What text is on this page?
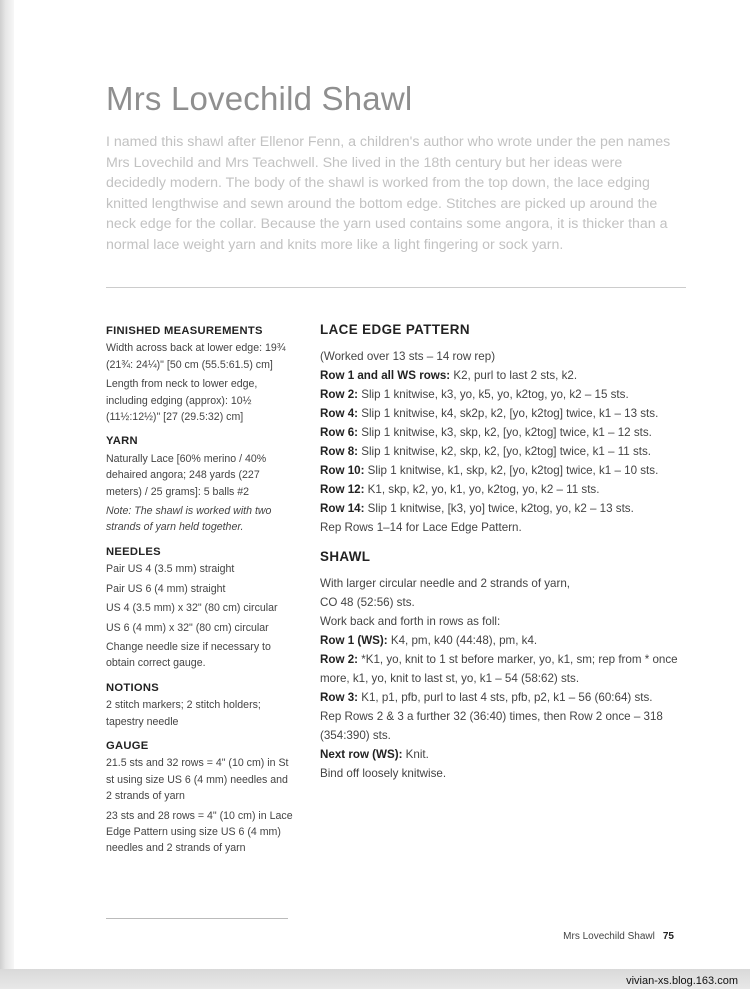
Mrs Lovechild Shawl

I named this shawl after Ellenor Fenn, a children's author who wrote under the pen names Mrs Lovechild and Mrs Teachwell. She lived in the 18th century but her ideas were decidedly modern. The body of the shawl is worked from the top down, the lace edging knitted lengthwise and sewn around the bottom edge. Stitches are picked up around the neck edge for the collar. Because the yarn used contains some angora, it is thicker than a normal lace weight yarn and knits more like a light fingering or sock yarn.

FINISHED MEASUREMENTS

Width across back at lower edge: 19¾ (21¾: 24¼)" [50 cm (55.5:61.5) cm]

Length from neck to lower edge, including edging (approx): 10½ (11½:12½)" [27 (29.5:32) cm]

YARN

Naturally Lace [60% merino / 40% dehaired angora; 248 yards (227 meters) / 25 grams]: 5 balls #2

Note: The shawl is worked with two strands of yarn held together.

NEEDLES

Pair US 4 (3.5 mm) straight

Pair US 6 (4 mm) straight

US 4 (3.5 mm) x 32" (80 cm) circular

US 6 (4 mm) x 32" (80 cm) circular

Change needle size if necessary to obtain correct gauge.

NOTIONS

2 stitch markers; 2 stitch holders; tapestry needle

GAUGE

21.5 sts and 32 rows = 4" (10 cm) in St st using size US 6 (4 mm) needles and 2 strands of yarn

23 sts and 28 rows = 4" (10 cm) in Lace Edge Pattern using size US 6 (4 mm) needles and 2 strands of yarn

LACE EDGE PATTERN

(Worked over 13 sts – 14 row rep)

Row 1 and all WS rows: K2, purl to last 2 sts, k2.

Row 2: Slip 1 knitwise, k3, yo, k5, yo, k2tog, yo, k2 – 15 sts.

Row 4: Slip 1 knitwise, k4, sk2p, k2, [yo, k2tog] twice, k1 – 13 sts.

Row 6: Slip 1 knitwise, k3, skp, k2, [yo, k2tog] twice, k1 – 12 sts.

Row 8: Slip 1 knitwise, k2, skp, k2, [yo, k2tog] twice, k1 – 11 sts.

Row 10: Slip 1 knitwise, k1, skp, k2, [yo, k2tog] twice, k1 – 10 sts.

Row 12: K1, skp, k2, yo, k1, yo, k2tog, yo, k2 – 11 sts.

Row 14: Slip 1 knitwise, [k3, yo] twice, k2tog, yo, k2 – 13 sts.

Rep Rows 1–14 for Lace Edge Pattern.

SHAWL

With larger circular needle and 2 strands of yarn,

CO 48 (52:56) sts.

Work back and forth in rows as foll:

Row 1 (WS): K4, pm, k40 (44:48), pm, k4.

Row 2: *K1, yo, knit to 1 st before marker, yo, k1, sm; rep from * once more, k1, yo, knit to last st, yo, k1 – 54 (58:62) sts.

Row 3: K1, p1, pfb, purl to last 4 sts, pfb, p2, k1 – 56 (60:64) sts.

Rep Rows 2 & 3 a further 32 (36:40) times, then Row 2 once – 318 (354:390) sts.

Next row (WS): Knit.

Bind off loosely knitwise.

Mrs Lovechild Shawl 75
vivian-xs.blog.163.com
